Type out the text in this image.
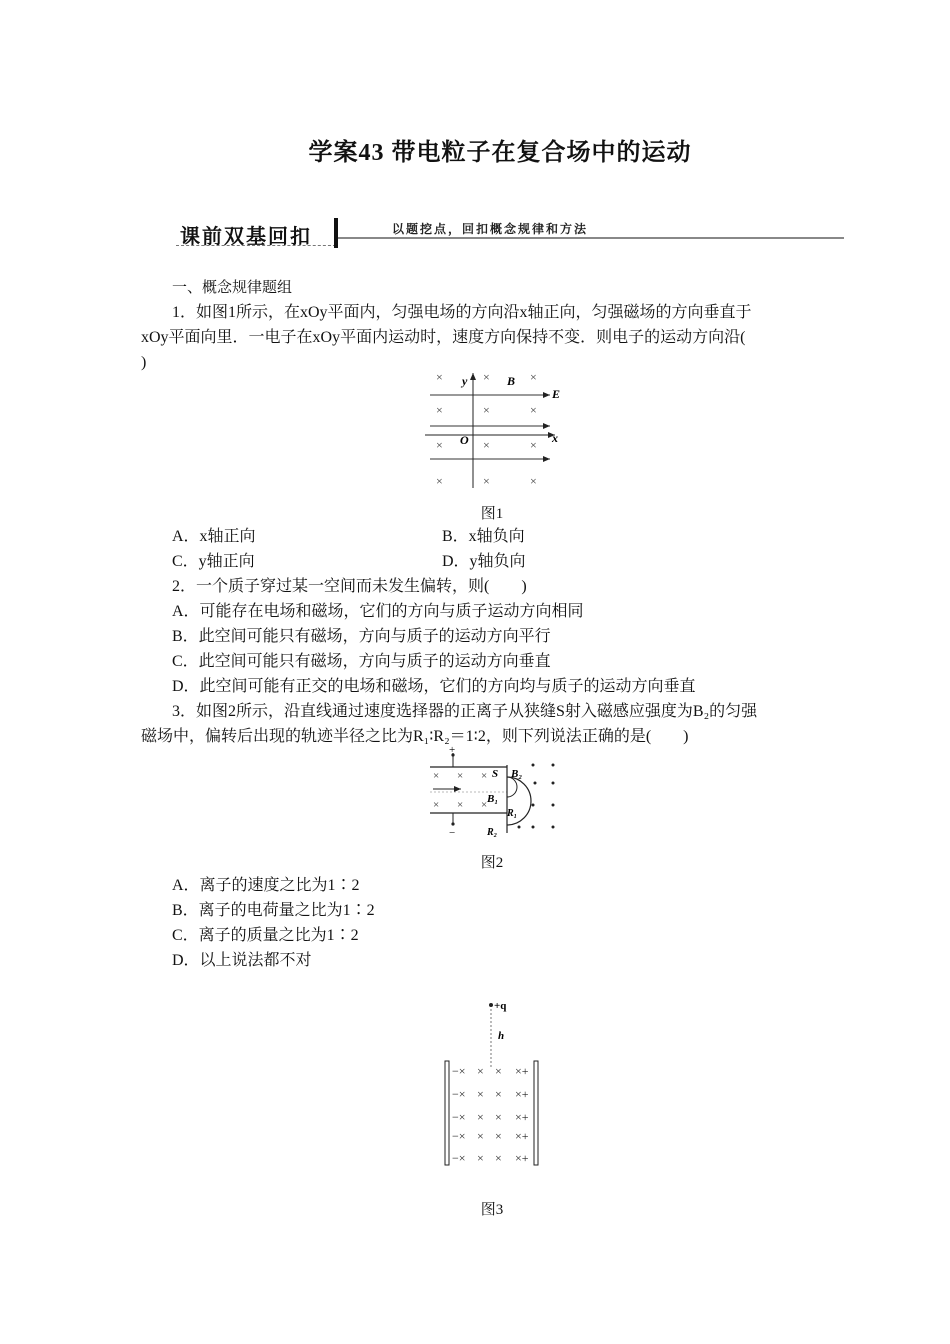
学案43 带电粒子在复合场中的运动
课前双基回扣	以题挖点，回扣概念规律和方法
一、概念规律题组
1．如图1所示，在xOy平面内，匀强电场的方向沿x轴正向，匀强磁场的方向垂直于
xOy平面向里．一电子在xOy平面内运动时，速度方向保持不变．则电子的运动方向沿(
)
×	×	×
×	×	×
×	×	×
×	×	×
y	B
E
O	x
图1
A．x轴正向	B．x轴负向
C．y轴正向	D．y轴负向
2．一个质子穿过某一空间而未发生偏转，则(　　)
A．可能存在电场和磁场，它们的方向与质子运动方向相同
B．此空间可能只有磁场，方向与质子的运动方向平行
C．此空间可能只有磁场，方向与质子的运动方向垂直
D．此空间可能有正交的电场和磁场，它们的方向均与质子的运动方向垂直
3．如图2所示，沿直线通过速度选择器的正离子从狭缝S射入磁感应强度为B₂的匀强
磁场中，偏转后出现的轨迹半径之比为R₁∶R₂＝1∶2，则下列说法正确的是(　　)
+
−
× × ×
× × ×
S B₂
B₁
R₁
R₂
图2
A．离子的速度之比为1∶2
B．离子的电荷量之比为1∶2
C．离子的质量之比为1∶2
D．以上说法都不对
+q
h
−× × × ×+
−× × × ×+
−× × × ×+
−× × × ×+
−× × × ×+
图3
